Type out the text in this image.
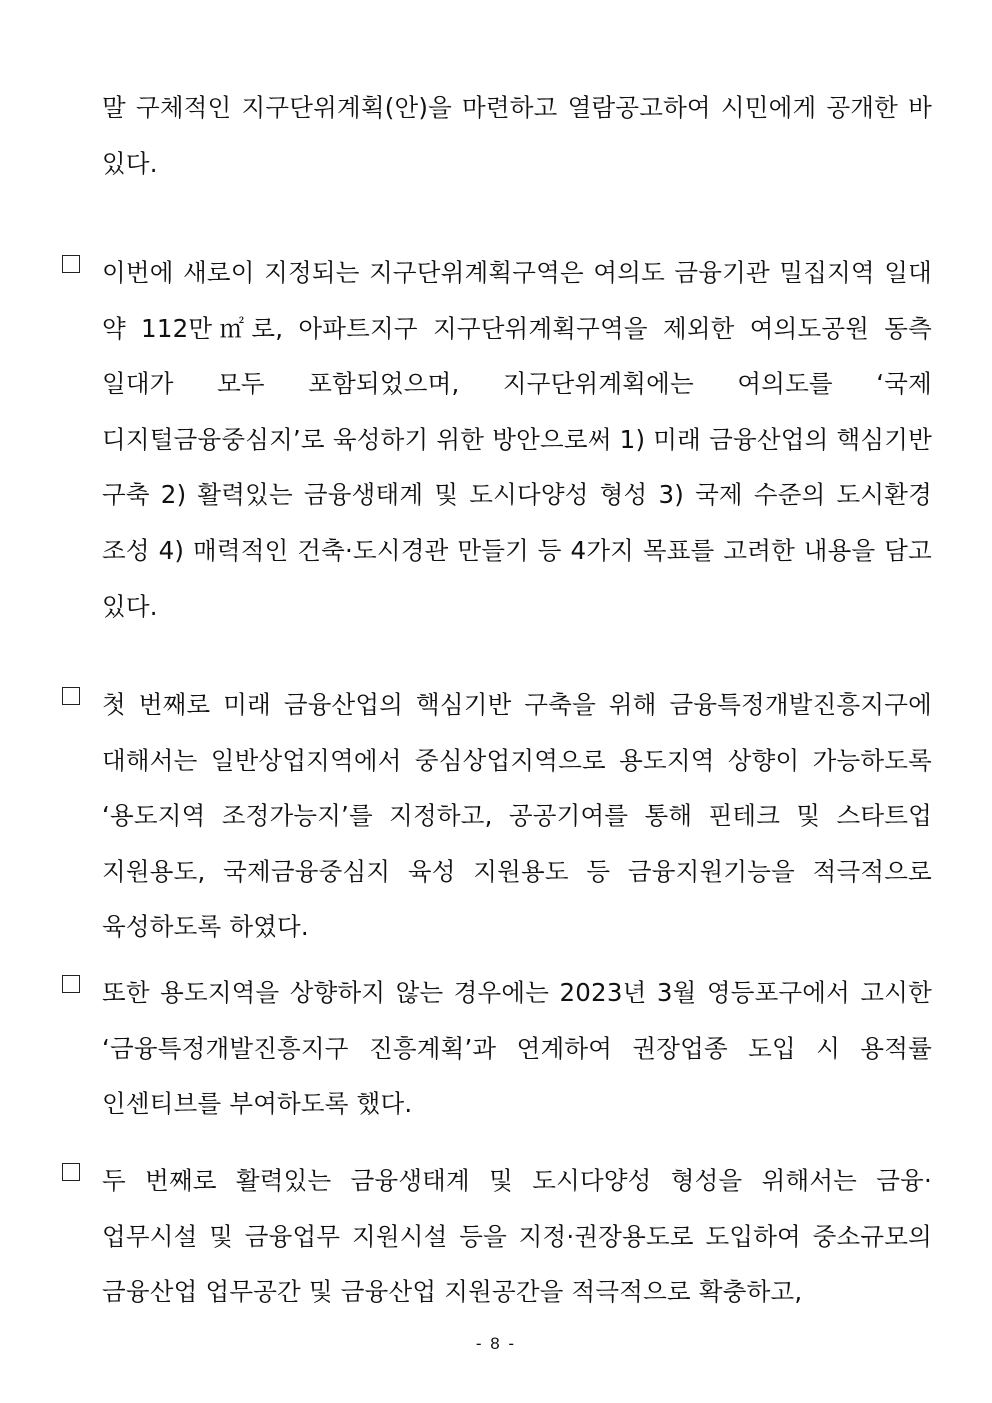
말 구체적인 지구단위계획(안)을 마련하고 열람공고하여 시민에게 공개한 바 있다.
이번에 새로이 지정되는 지구단위계획구역은 여의도 금융기관 밀집지역 일대 약 112만㎡로, 아파트지구 지구단위계획구역을 제외한 여의도공원 동측 일대가 모두 포함되었으며, 지구단위계획에는 여의도를 ‘국제 디지털금융중심지’로 육성하기 위한 방안으로써 1) 미래 금융산업의 핵심기반 구축 2) 활력있는 금융생태계 및 도시다양성 형성 3) 국제 수준의 도시환경 조성 4) 매력적인 건축·도시경관 만들기 등 4가지 목표를 고려한 내용을 담고 있다.
첫 번째로 미래 금융산업의 핵심기반 구축을 위해 금융특정개발진흥지구에 대해서는 일반상업지역에서 중심상업지역으로 용도지역 상향이 가능하도록 ‘용도지역 조정가능지’를 지정하고, 공공기여를 통해 핀테크 및 스타트업 지원용도, 국제금융중심지 육성 지원용도 등 금융지원기능을 적극적으로 육성하도록 하였다.
또한 용도지역을 상향하지 않는 경우에는 2023년 3월 영등포구에서 고시한 ‘금융특정개발진흥지구 진흥계획’과 연계하여 권장업종 도입 시 용적률 인센티브를 부여하도록 했다.
두 번째로 활력있는 금융생태계 및 도시다양성 형성을 위해서는 금융·업무시설 및 금융업무 지원시설 등을 지정·권장용도로 도입하여 중소규모의 금융산업 업무공간 및 금융산업 지원공간을 적극적으로 확충하고,
- 8 -
